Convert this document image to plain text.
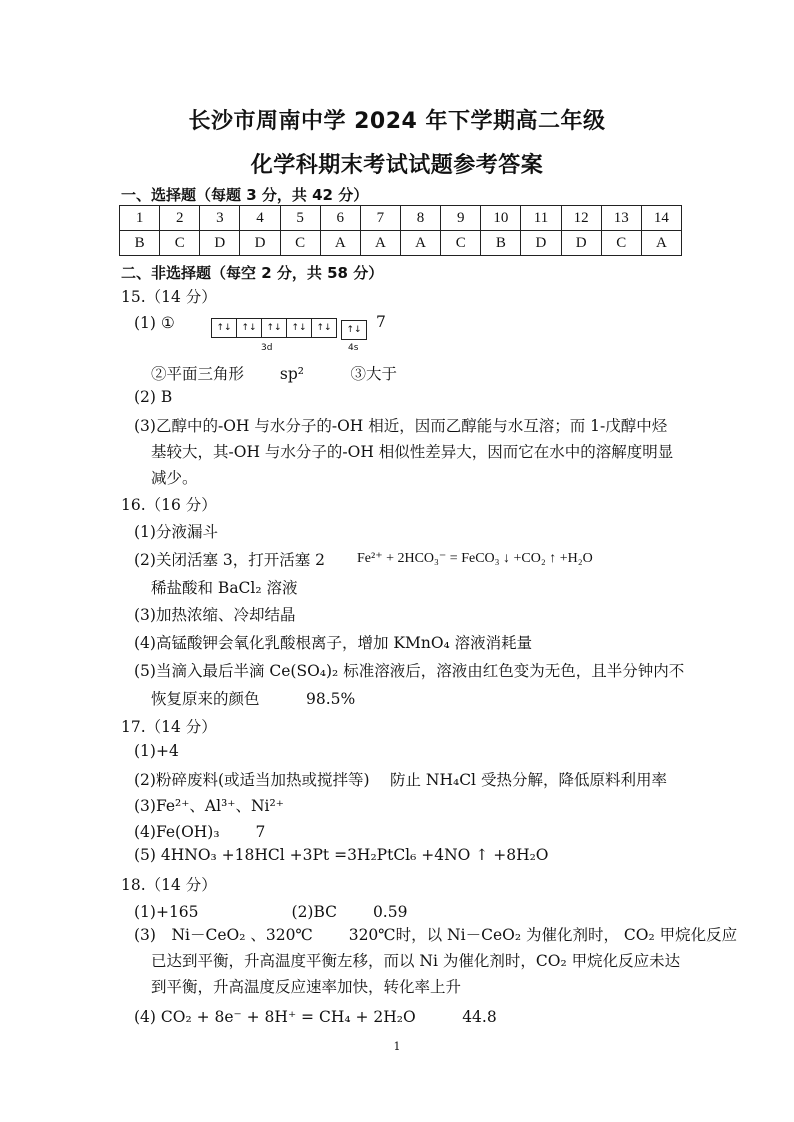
长沙市周南中学 2024 年下学期高二年级
化学科期末考试试题参考答案
一、选择题（每题 3 分，共 42 分）
1	2	3	4	5	6	7	8	9	10	11	12	13	14
B	C	D	D	C	A	A	A	C	B	D	D	C	A
二、非选择题（每空 2 分，共 58 分）
15.（14 分）
(1) ①	↑↓	↑↓	↑↓	↑↓	↑↓	↑↓
3d	4s
7
②平面三角形　　 sp²　　　③大于
(2) B
(3)乙醇中的-OH 与水分子的-OH 相近，因而乙醇能与水互溶；而 1-戊醇中烃
基较大，其-OH 与水分子的-OH 相似性差异大，因而它在水中的溶解度明显
减少。
16.（16 分）
(1)分液漏斗
(2)关闭活塞 3，打开活塞 2 Fe²⁺ + 2HCO₃⁻ = FeCO₃ ↓ +CO₂ ↑ +H₂O
稀盐酸和 BaCl₂ 溶液
(3)加热浓缩、冷却结晶
(4)高锰酸钾会氧化乳酸根离子，增加 KMnO₄ 溶液消耗量
(5)当滴入最后半滴 Ce(SO₄)₂ 标准溶液后，溶液由红色变为无色，且半分钟内不
恢复原来的颜色　　　98.5%
17.（14 分）
(1)+4
(2)粉碎废料(或适当加热或搅拌等)　 防止 NH₄Cl 受热分解，降低原料利用率
(3)Fe²⁺、Al³⁺、Ni²⁺
(4)Fe(OH)₃　　 7
(5) 4HNO₃ +18HCl +3Pt =3H₂PtCl₆ +4NO ↑ +8H₂O
18.（14 分）
(1)+165　　　　　　(2)BC　　 0.59
(3)　Ni－CeO₂ 、320℃　　 320℃时，以 Ni－CeO₂ 为催化剂时， CO₂ 甲烷化反应
已达到平衡，升高温度平衡左移，而以 Ni 为催化剂时，CO₂ 甲烷化反应未达
到平衡，升高温度反应速率加快，转化率上升
(4) CO₂ + 8e⁻ + 8H⁺ = CH₄ + 2H₂O　　　44.8
1
